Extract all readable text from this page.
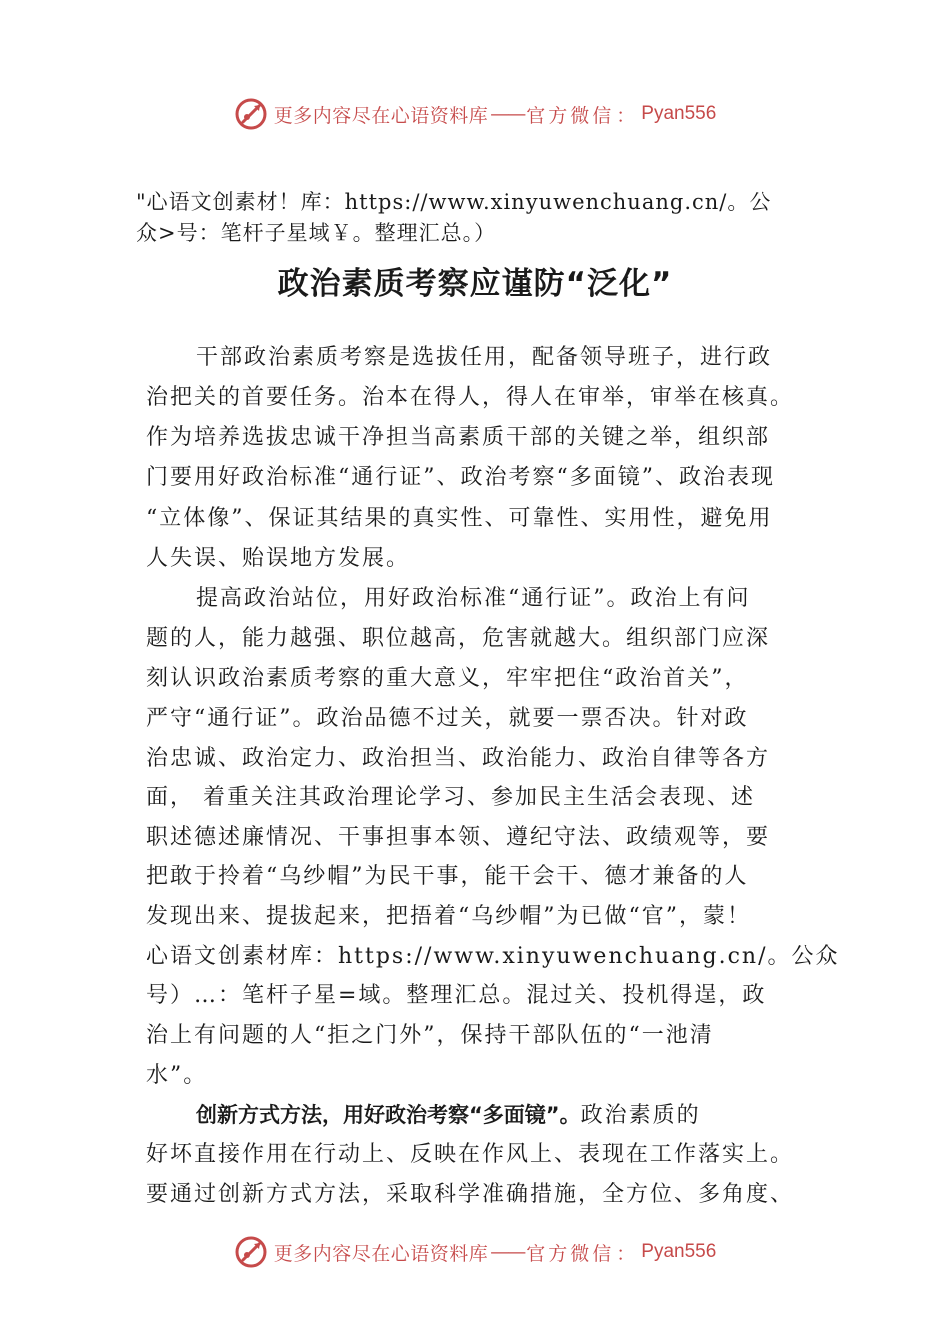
更多内容尽在心语资料库 —— 官方微信 ： Pyan556
"心语文创素材！库：https://www.xinyuwenchuang.cn/。公
众>号：笔杆子星域￥。整理汇总。）
政治素质考察应谨防“泛化”
干部政治素质考察是选拔任用，配备领导班子，进行政
治把关的首要任务。治本在得人，得人在审举，审举在核真。
作为培养选拔忠诚干净担当高素质干部的关键之举，组织部
门要用好政治标准“通行证”、政治考察“多面镜”、政治表现
“立体像”、保证其结果的真实性、可靠性、实用性，避免用
人失误、贻误地方发展。
提高政治站位，用好政治标准“通行证”。政治上有问
题的人，能力越强、职位越高，危害就越大。组织部门应深
刻认识政治素质考察的重大意义，牢牢把住“政治首关”，
严守“通行证”。政治品德不过关，就要一票否决。针对政
治忠诚、政治定力、政治担当、政治能力、政治自律等各方
面， 着重关注其政治理论学习、参加民主生活会表现、述
职述德述廉情况、干事担事本领、遵纪守法、政绩观等，要
把敢于拎着“乌纱帽”为民干事，能干会干、德才兼备的人
发现出来、提拔起来，把捂着“乌纱帽”为已做“官”，蒙！
心语文创素材库：https://www.xinyuwenchuang.cn/。公众
号）…：笔杆子星=域。整理汇总。混过关、投机得逞，政
治上有问题的人“拒之门外”，保持干部队伍的“一池清
水”。
创新方式方法，用好政治考察“多面镜”。政治素质的
好坏直接作用在行动上、反映在作风上、表现在工作落实上。
要通过创新方式方法，采取科学准确措施，全方位、多角度、
更多内容尽在心语资料库 —— 官方微信 ： Pyan556
